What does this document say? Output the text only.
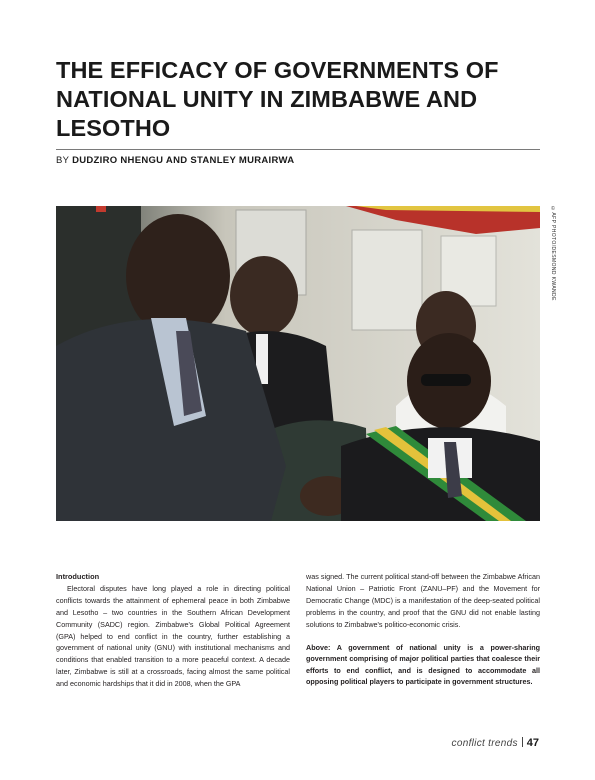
THE EFFICACY OF GOVERNMENTS OF NATIONAL UNITY IN ZIMBABWE AND LESOTHO

BY DUDZIRO NHENGU AND STANLEY MURAIRWA

©AFP PHOTO/DESMOND KWANDE

Introduction

Electoral disputes have long played a role in directing political conflicts towards the attainment of ephemeral peace in both Zimbabwe and Lesotho – two countries in the Southern African Development Community (SADC) region. Zimbabwe's Global Political Agreement (GPA) helped to end conflict in the country, further establishing a government of national unity (GNU) with institutional mechanisms and conditions that enabled transition to a more peaceful context. A decade later, Zimbabwe is still at a crossroads, facing almost the same political and economic hardships that it did in 2008, when the GPA

was signed. The current political stand-off between the Zimbabwe African National Union – Patriotic Front (ZANU–PF) and the Movement for Democratic Change (MDC) is a manifestation of the deep-seated political problems in the country, and proof that the GNU did not enable lasting solutions to Zimbabwe's politico-economic crisis.

Above: A government of national unity is a power-sharing government comprising of major political parties that coalesce their efforts to end conflict, and is designed to accommodate all opposing political players to participate in government structures.

conflict trends 47
